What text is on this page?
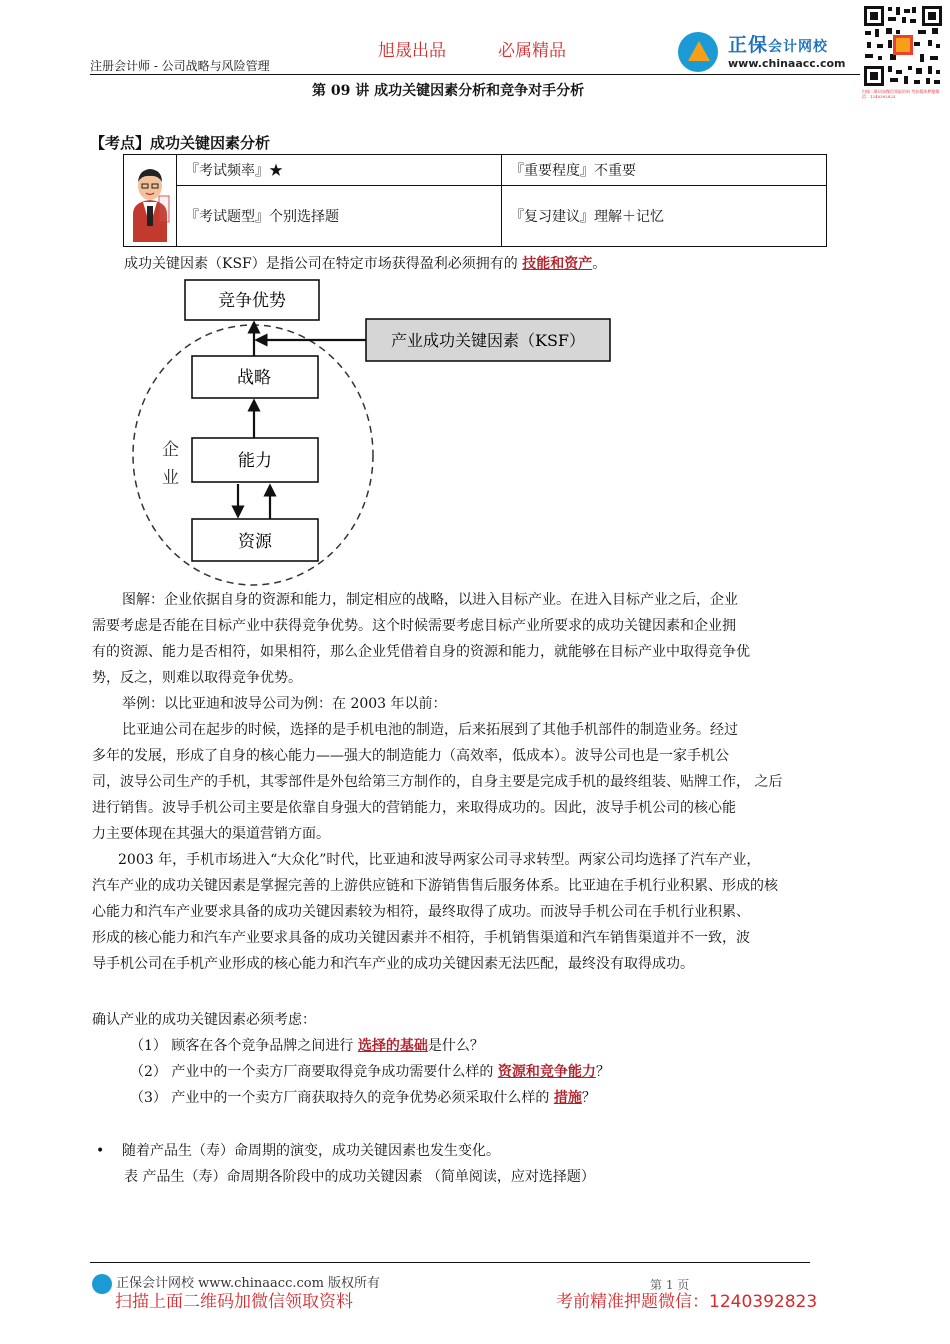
旭晟出品	必属精品
注册会计师 - 公司战略与风险管理
正保会计网校
www.chinaacc.com
扫描二维码加微信领取资料 考前精准押题微信：1240392823
第 09 讲 成功关键因素分析和竞争对手分析
【考点】成功关键因素分析
	『考试频率』★	『重要程度』不重要
	『考试题型』个别选择题	『复习建议』理解＋记忆
成功关键因素（KSF）是指公司在特定市场获得盈利必须拥有的 技能和资产。
竞争优势
战略
能力
资源
产业成功关键因素（KSF）
企
业
图解：企业依据自身的资源和能力，制定相应的战略，以进入目标产业。在进入目标产业之后，企业
需要考虑是否能在目标产业中获得竞争优势。这个时候需要考虑目标产业所要求的成功关键因素和企业拥
有的资源、能力是否相符，如果相符，那么企业凭借着自身的资源和能力，就能够在目标产业中取得竞争优
势，反之，则难以取得竞争优势。
举例：以比亚迪和波导公司为例：在 2003 年以前：
比亚迪公司在起步的时候，选择的是手机电池的制造，后来拓展到了其他手机部件的制造业务。经过
多年的发展，形成了自身的核心能力——强大的制造能力（高效率，低成本）。波导公司也是一家手机公
司，波导公司生产的手机，其零部件是外包给第三方制作的，自身主要是完成手机的最终组装、贴牌工作， 之后
进行销售。波导手机公司主要是依靠自身强大的营销能力，来取得成功的。因此，波导手机公司的核心能
力主要体现在其强大的渠道营销方面。
2003 年，手机市场进入“大众化”时代，比亚迪和波导两家公司寻求转型。两家公司均选择了汽车产业，
汽车产业的成功关键因素是掌握完善的上游供应链和下游销售售后服务体系。比亚迪在手机行业积累、形成的核
心能力和汽车产业要求具备的成功关键因素较为相符，最终取得了成功。而波导手机公司在手机行业积累、
形成的核心能力和汽车产业要求具备的成功关键因素并不相符，手机销售渠道和汽车销售渠道并不一致，波
导手机公司在手机产业形成的核心能力和汽车产业的成功关键因素无法匹配，最终没有取得成功。
确认产业的成功关键因素必须考虑：
（1） 顾客在各个竞争品牌之间进行 选择的基础是什么？
（2） 产业中的一个卖方厂商要取得竞争成功需要什么样的 资源和竞争能力？
（3） 产业中的一个卖方厂商获取持久的竞争优势必须采取什么样的 措施？
• 随着产品生（寿）命周期的演变，成功关键因素也发生变化。
表 产品生（寿）命周期各阶段中的成功关键因素 （简单阅读，应对选择题）
正保会计网校 www.chinaacc.com 版权所有	第 1 页
扫描上面二维码加微信领取资料	考前精准押题微信：1240392823
